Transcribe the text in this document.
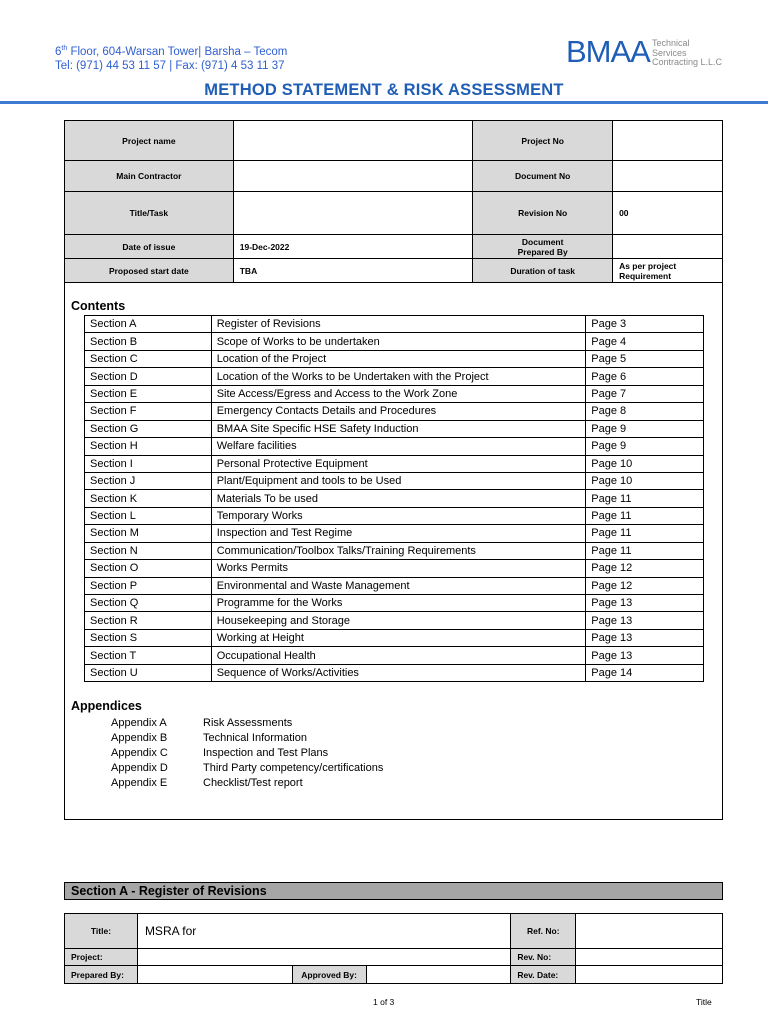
6th Floor, 604-Warsan Tower| Barsha – Tecom
Tel: (971) 44 53 11 57 | Fax: (971) 4 53 11 37	BMAA Technical
Services
Contracting L.L.C
METHOD STATEMENT & RISK ASSESSMENT
Project name		Project No	
Main Contractor		Document No	
Title/Task		Revision No	00
Date of issue	19-Dec-2022	Document
Prepared By	

Proposed start date	TBA	Duration of task	As per project
Requirement
Contents
Section A	Register of Revisions	Page 3
Section B	Scope of Works to be undertaken	Page 4
Section C	Location of the Project	Page 5
Section D	Location of the Works to be Undertaken with the Project	Page 6
Section E	Site Access/Egress and Access to the Work Zone	Page 7
Section F	Emergency Contacts Details and Procedures	Page 8
Section G	BMAA Site Specific HSE Safety Induction	Page 9
Section H	Welfare facilities	Page 9
Section I	Personal Protective Equipment	Page 10
Section J	Plant/Equipment and tools to be Used	Page 10
Section K	Materials To be used	Page 11
Section L	Temporary Works	Page 11
Section M	Inspection and Test Regime	Page 11
Section N	Communication/Toolbox Talks/Training Requirements	Page 11
Section O	Works Permits	Page 12
Section P	Environmental and Waste Management	Page 12
Section Q	Programme for the Works	Page 13
Section R	Housekeeping and Storage	Page 13
Section S	Working at Height	Page 13
Section T	Occupational Health	Page 13
Section U	Sequence of Works/Activities	Page 14
Appendices
Appendix A	Risk Assessments
Appendix B	Technical Information
Appendix C	Inspection and Test Plans
Appendix D	Third Party competency/certifications
Appendix E	Checklist/Test report
Section A - Register of Revisions
Title:	MSRA for			Ref. No:	
Project:				Rev. No:	
Prepared By:		Approved By:		Rev. Date:	
1 of 3	Title
